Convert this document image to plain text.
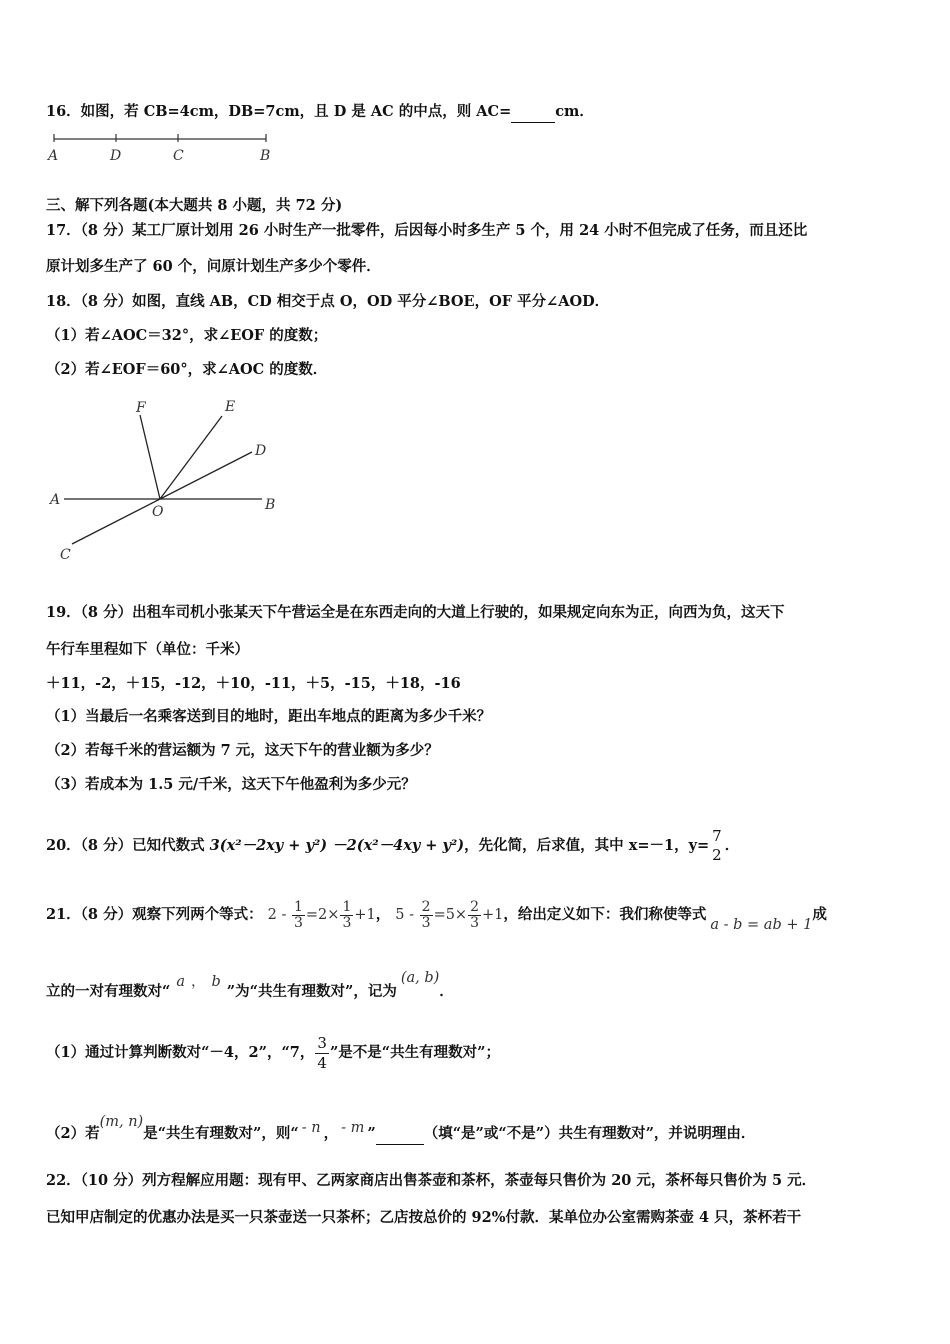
16．如图，若 CB=4cm，DB=7cm，且 D 是 AC 的中点，则 AC=	cm．
A	D	C	B
三、解下列各题(本大题共 8 小题，共 72 分)
17．（8 分）某工厂原计划用 26 小时生产一批零件，后因每小时多生产 5 个，用 24 小时不但完成了任务，而且还比
原计划多生产了 60 个，问原计划生产多少个零件．
18．（8 分）如图，直线 AB，CD 相交于点 O，OD 平分∠BOE，OF 平分∠AOD．
（1）若∠AOC＝32°，求∠EOF 的度数；
（2）若∠EOF＝60°，求∠AOC 的度数．
F	E
D
A
O	B
C
19．（8 分）出租车司机小张某天下午营运全是在东西走向的大道上行驶的，如果规定向东为正，向西为负，这天下
午行车里程如下（单位：千米）
＋11，-2，＋15，-12，＋10，-11，＋5，-15，＋18，-16
（1）当最后一名乘客送到目的地时，距出车地点的距离为多少千米？
（2）若每千米的营运额为 7 元，这天下午的营业额为多少？
（3）若成本为 1.5 元/千米，这天下午他盈利为多少元？
20．（8 分）已知代数式 3(x²－2xy + y²) －2(x²－4xy + y²)，先化简，后求值，其中 x=－1，y=
7
2
．
21．（8 分）观察下列两个等式： $2 - \frac{1}{3} =2\times \frac{1}{3} +1$， $5 - \frac{2}{3} =5\times \frac{2}{3} +1$，给出定义如下：我们称使等式a - b = ab + 1成
立的一对有理数对“a ， b”为“共生有理数对”，记为(a, b)．
（1）通过计算判断数对“－4，2”，“7， $\frac{3}{4}$ ”是不是“共生有理数对”；
（2）若(m, n)是“共生有理数对”，则“ - n ， - m ”	（填“是”或“不是”）共生有理数对”，并说明理由．
22．（10 分）列方程解应用题：现有甲、乙两家商店出售茶壶和茶杯，茶壶每只售价为 20 元，茶杯每只售价为 5 元．
已知甲店制定的优惠办法是买一只茶壶送一只茶杯；乙店按总价的 92%付款．某单位办公室需购茶壶 4 只，茶杯若干
